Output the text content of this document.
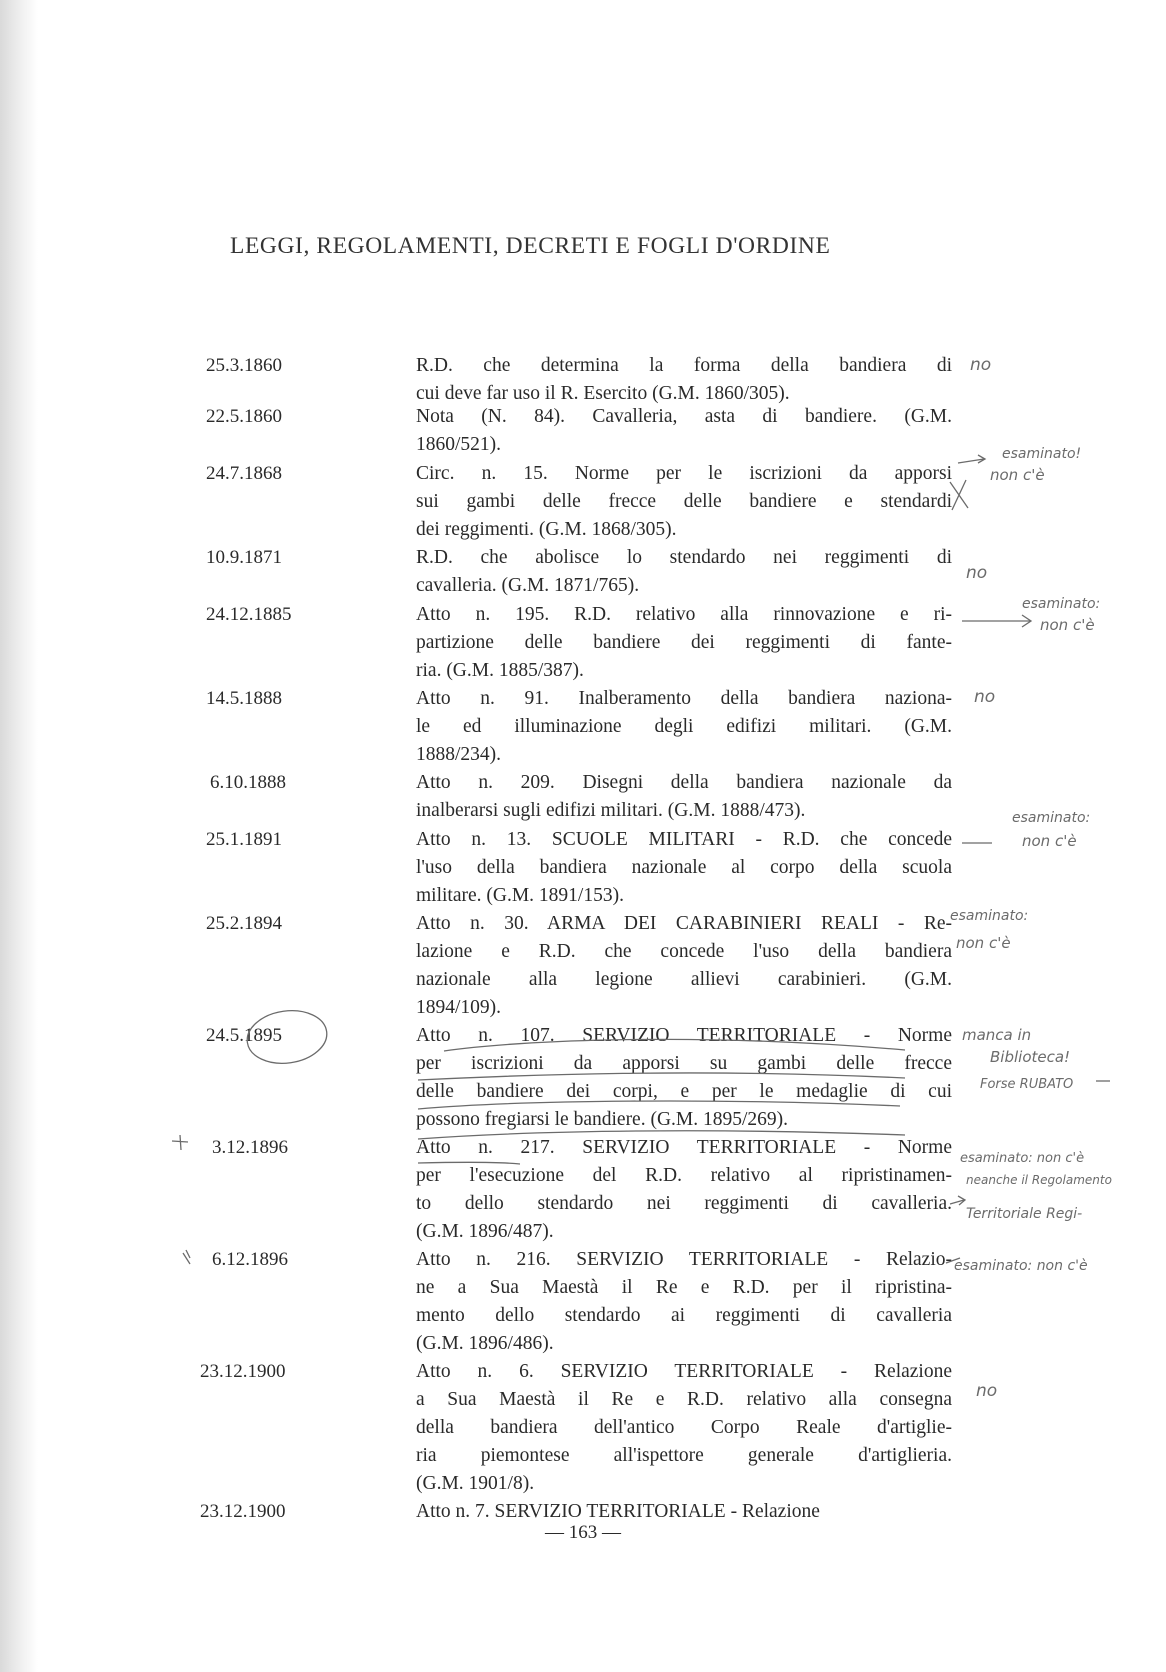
LEGGI, REGOLAMENTI, DECRETI E FOGLI D'ORDINE
25.3.1860	R.D. che determina la forma della bandiera di
cui deve far uso il R. Esercito (G.M. 1860/305).
22.5.1860	Nota (N. 84). Cavalleria, asta di bandiere. (G.M.
1860/521).
24.7.1868	Circ. n. 15. Norme per le iscrizioni da apporsi
sui gambi delle frecce delle bandiere e stendardi
dei reggimenti. (G.M. 1868/305).
10.9.1871	R.D. che abolisce lo stendardo nei reggimenti di
cavalleria. (G.M. 1871/765).
24.12.1885	Atto n. 195. R.D. relativo alla rinnovazione e ri-
partizione delle bandiere dei reggimenti di fante-
ria. (G.M. 1885/387).
14.5.1888	Atto n. 91. Inalberamento della bandiera naziona-
le ed illuminazione degli edifizi militari. (G.M.
1888/234).
6.10.1888	Atto n. 209. Disegni della bandiera nazionale da
inalberarsi sugli edifizi militari. (G.M. 1888/473).
25.1.1891	Atto n. 13. SCUOLE MILITARI - R.D. che concede
l'uso della bandiera nazionale al corpo della scuola
militare. (G.M. 1891/153).
25.2.1894	Atto n. 30. ARMA DEI CARABINIERI REALI - Re-
lazione e R.D. che concede l'uso della bandiera
nazionale alla legione allievi carabinieri. (G.M.
1894/109).
24.5.1895	Atto n. 107. SERVIZIO TERRITORIALE - Norme
per iscrizioni da apporsi su gambi delle frecce
delle bandiere dei corpi, e per le medaglie di cui
possono fregiarsi le bandiere. (G.M. 1895/269).
3.12.1896	Atto n. 217. SERVIZIO TERRITORIALE - Norme
per l'esecuzione del R.D. relativo al ripristinamen-
to dello stendardo nei reggimenti di cavalleria.
(G.M. 1896/487).
6.12.1896	Atto n. 216. SERVIZIO TERRITORIALE - Relazio-
ne a Sua Maestà il Re e R.D. per il ripristina-
mento dello stendardo ai reggimenti di cavalleria
(G.M. 1896/486).
23.12.1900	Atto n. 6. SERVIZIO TERRITORIALE - Relazione
a Sua Maestà il Re e R.D. relativo alla consegna
della bandiera dell'antico Corpo Reale d'artiglie-
ria piemontese all'ispettore generale d'artiglieria.
(G.M. 1901/8).
23.12.1900	Atto n. 7. SERVIZIO TERRITORIALE - Relazione
— 163 —
no
esaminato!
non c'è
no
esaminato:
non c'è
no
esaminato:
non c'è
esaminato:
non c'è
manca in
Biblioteca!
Forse RUBATO
esaminato: non c'è
neanche il Regolamento
Territoriale Regi-
esaminato: non c'è
no
